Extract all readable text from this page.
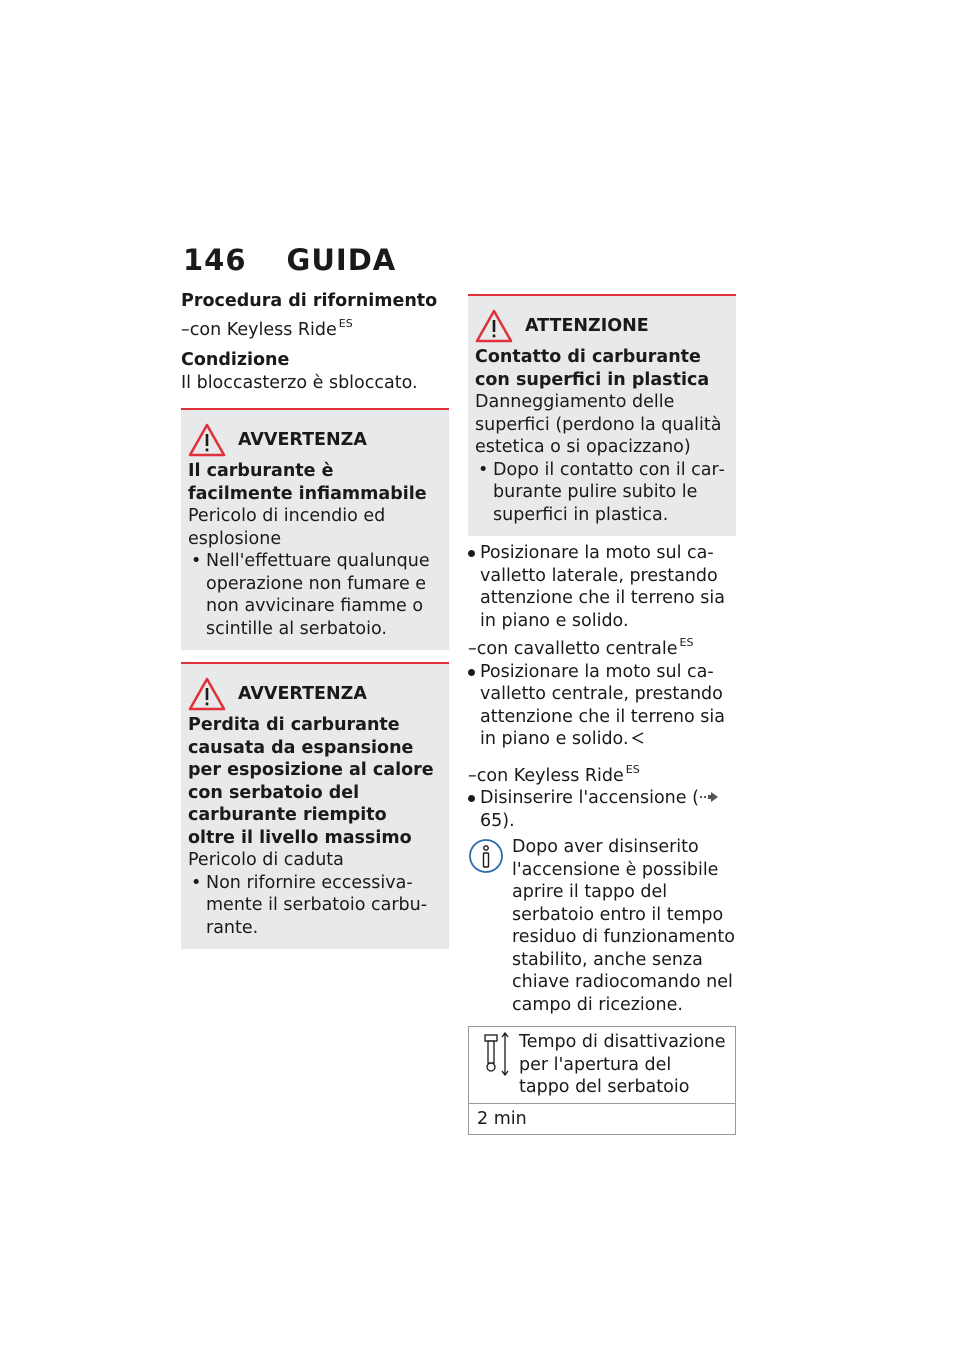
146 GUIDA

Procedura di rifornimento

–con Keyless Ride $^{ES}$

Condizione

Il bloccasterzo è sbloccato.

AVVERTENZA

Il carburante è facilmente infiammabile

Pericolo di incendio ed esplosione

• Nell'effettuare qualunque operazione non fumare e non avvicinare fiamme o scintille al serbatoio.

AVVERTENZA

Perdita di carburante causata da espansione per esposizione al calore con serbatoio del carburante riempito oltre il livello massimo

Pericolo di caduta

• Non rifornire eccessivamente il serbatoio carburante.

ATTENZIONE

Contatto di carburante con superfici in plastica

Danneggiamento delle superfici (perdono la qualità estetica o si opacizzano)

• Dopo il contatto con il carburante pulire subito le superfici in plastica.

Posizionare la moto sul cavalletto laterale, prestando attenzione che il terreno sia in piano e solido.

–con cavalletto centrale $^{ES}$

Posizionare la moto sul cavalletto centrale, prestando attenzione che il terreno sia in piano e solido.

–con Keyless Ride $^{ES}$

Disinserire l'accensione ( 65).

Dopo aver disinserito l'accensione è possibile aprire il tappo del serbatoio entro il tempo residuo di funzionamento stabilito, anche senza chiave radiocomando nel campo di ricezione.

Tempo di disattivazione per l'apertura del tappo del serbatoio
2 min
